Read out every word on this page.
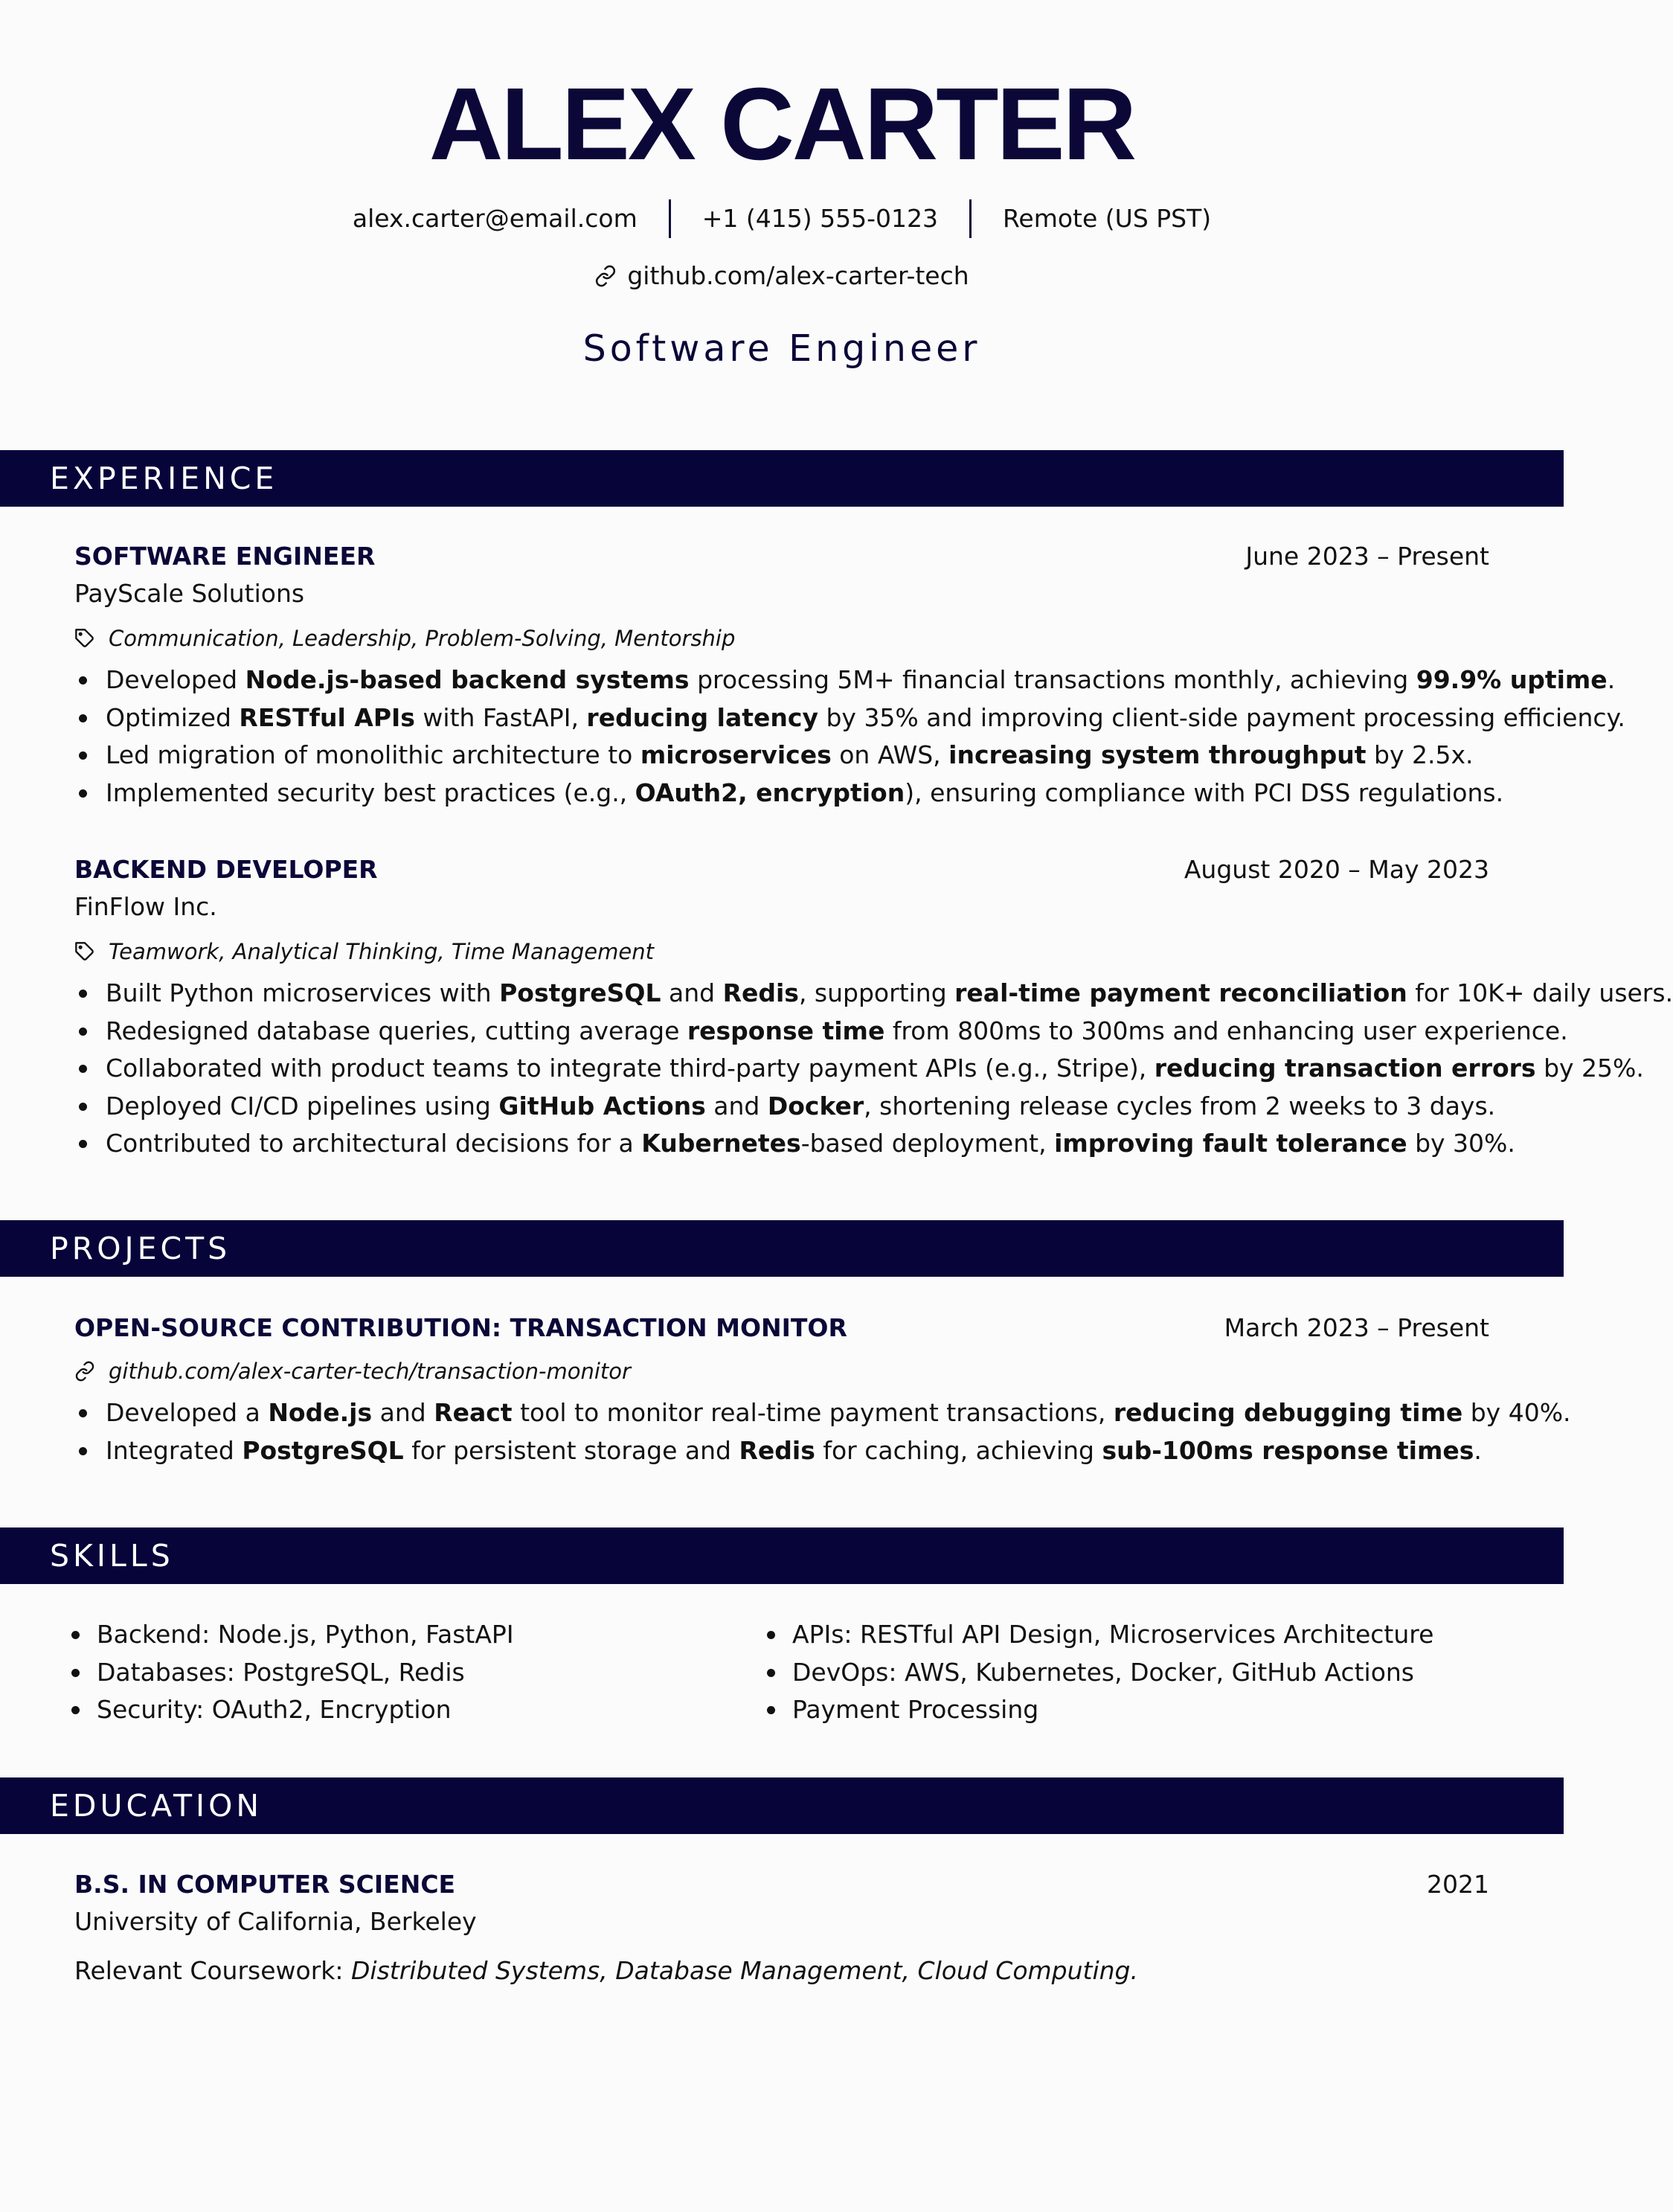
ALEX CARTER
alex.carter@email.com	+1 (415) 555-0123	Remote (US PST)
github.com/alex-carter-tech
Software Engineer
EXPERIENCE
SOFTWARE ENGINEER	June 2023 – Present
PayScale Solutions
Communication, Leadership, Problem-Solving, Mentorship
Developed Node.js-based backend systems processing 5M+ financial transactions monthly, achieving 99.9% uptime.
Optimized RESTful APIs with FastAPI, reducing latency by 35% and improving client-side payment processing efficiency.
Led migration of monolithic architecture to microservices on AWS, increasing system throughput by 2.5x.
Implemented security best practices (e.g., OAuth2, encryption), ensuring compliance with PCI DSS regulations.
BACKEND DEVELOPER	August 2020 – May 2023
FinFlow Inc.
Teamwork, Analytical Thinking, Time Management
Built Python microservices with PostgreSQL and Redis, supporting real-time payment reconciliation for 10K+ daily users.
Redesigned database queries, cutting average response time from 800ms to 300ms and enhancing user experience.
Collaborated with product teams to integrate third-party payment APIs (e.g., Stripe), reducing transaction errors by 25%.
Deployed CI/CD pipelines using GitHub Actions and Docker, shortening release cycles from 2 weeks to 3 days.
Contributed to architectural decisions for a Kubernetes-based deployment, improving fault tolerance by 30%.
PROJECTS
OPEN-SOURCE CONTRIBUTION: TRANSACTION MONITOR	March 2023 – Present
github.com/alex-carter-tech/transaction-monitor
Developed a Node.js and React tool to monitor real-time payment transactions, reducing debugging time by 40%.
Integrated PostgreSQL for persistent storage and Redis for caching, achieving sub-100ms response times.
SKILLS
Backend: Node.js, Python, FastAPI
Databases: PostgreSQL, Redis
Security: OAuth2, Encryption
APIs: RESTful API Design, Microservices Architecture
DevOps: AWS, Kubernetes, Docker, GitHub Actions
Payment Processing
EDUCATION
B.S. IN COMPUTER SCIENCE	2021
University of California, Berkeley
Relevant Coursework: Distributed Systems, Database Management, Cloud Computing.
